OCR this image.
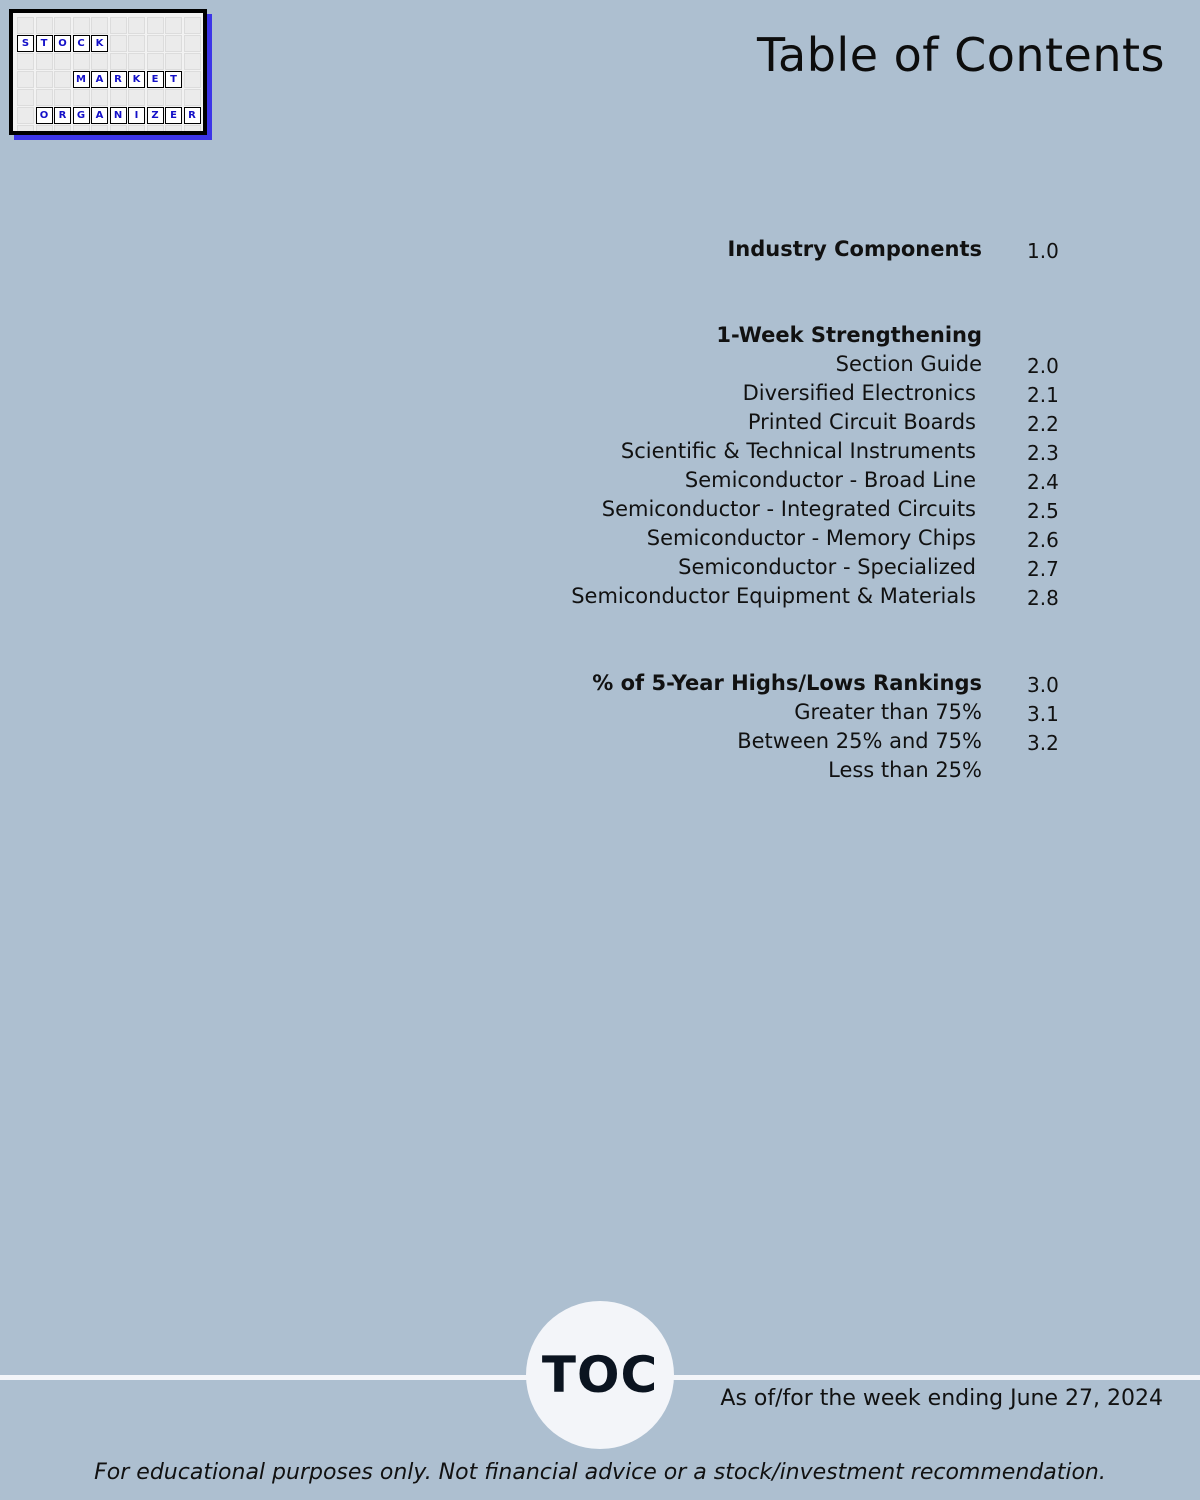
S	T	O	C	K
M A	R	K	E	T
O	R	G	A	N	I	Z	E	R
Table of Contents
Industry Components 1.0
1-Week Strengthening
Section Guide 2.0
Diversified Electronics	2.1
Printed Circuit Boards	2.2
Scientific & Technical Instruments	2.3
Semiconductor - Broad Line	2.4
Semiconductor - Integrated Circuits	2.5
Semiconductor - Memory Chips	2.6
Semiconductor - Specialized	2.7
Semiconductor Equipment & Materials	2.8
% of 5-Year Highs/Lows Rankings 3.0
Greater than 75% 3.1
Between 25% and 75% 3.2
Less than 25%
TOC	As of/for the week ending June 27, 2024
For educational purposes only. Not financial advice or a stock/investment recommendation.
